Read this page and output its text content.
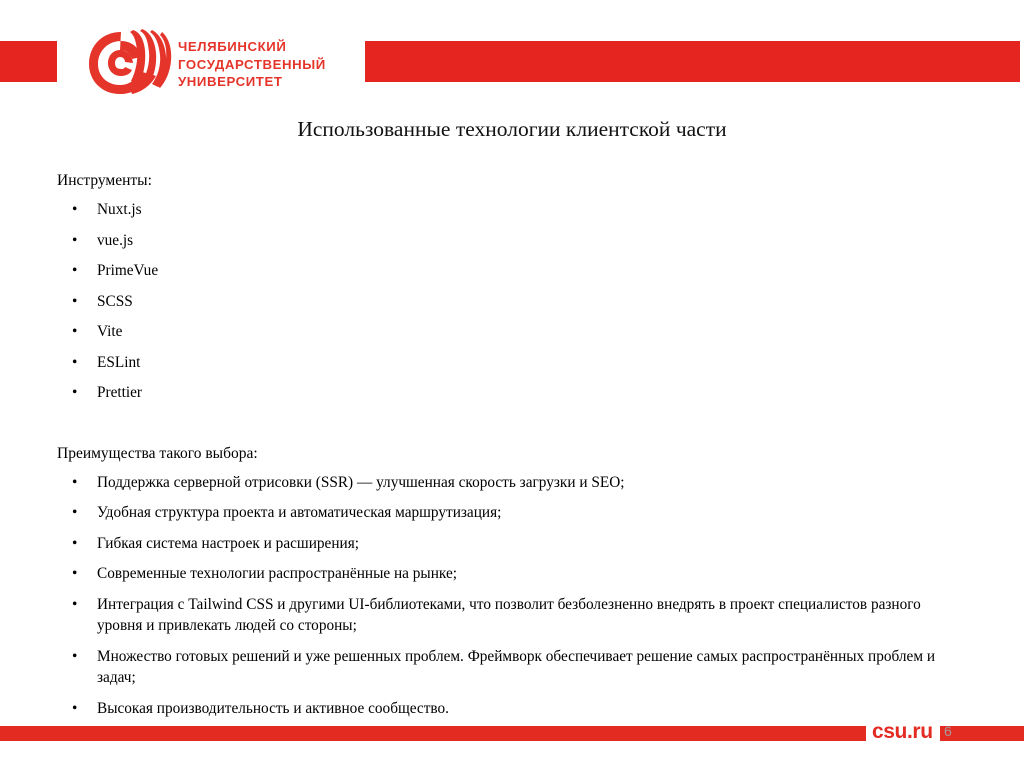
ЧЕЛЯБИНСКИЙ
ГОСУДАРСТВЕННЫЙ
УНИВЕРСИТЕТ
Использованные технологии клиентской части

Инструменты:

• Nuxt.js
• vue.js
• PrimeVue
• SCSS
• Vite
• ESLint
• Prettier

Преимущества такого выбора:

• Поддержка серверной отрисовки (SSR) — улучшенная скорость загрузки и SEO;
• Удобная структура проекта и автоматическая маршрутизация;
• Гибкая система настроек и расширения;
• Современные технологии распространённые на рынке;
• Интеграция с Tailwind CSS и другими UI-библиотеками, что позволит безболезненно внедрять в проект специалистов разного уровня и привлекать людей со стороны;
• Множество готовых решений и уже решенных проблем. Фреймворк обеспечивает решение самых распространённых проблем и задач;
• Высокая производительность и активное сообщество.
csu.ru 6
